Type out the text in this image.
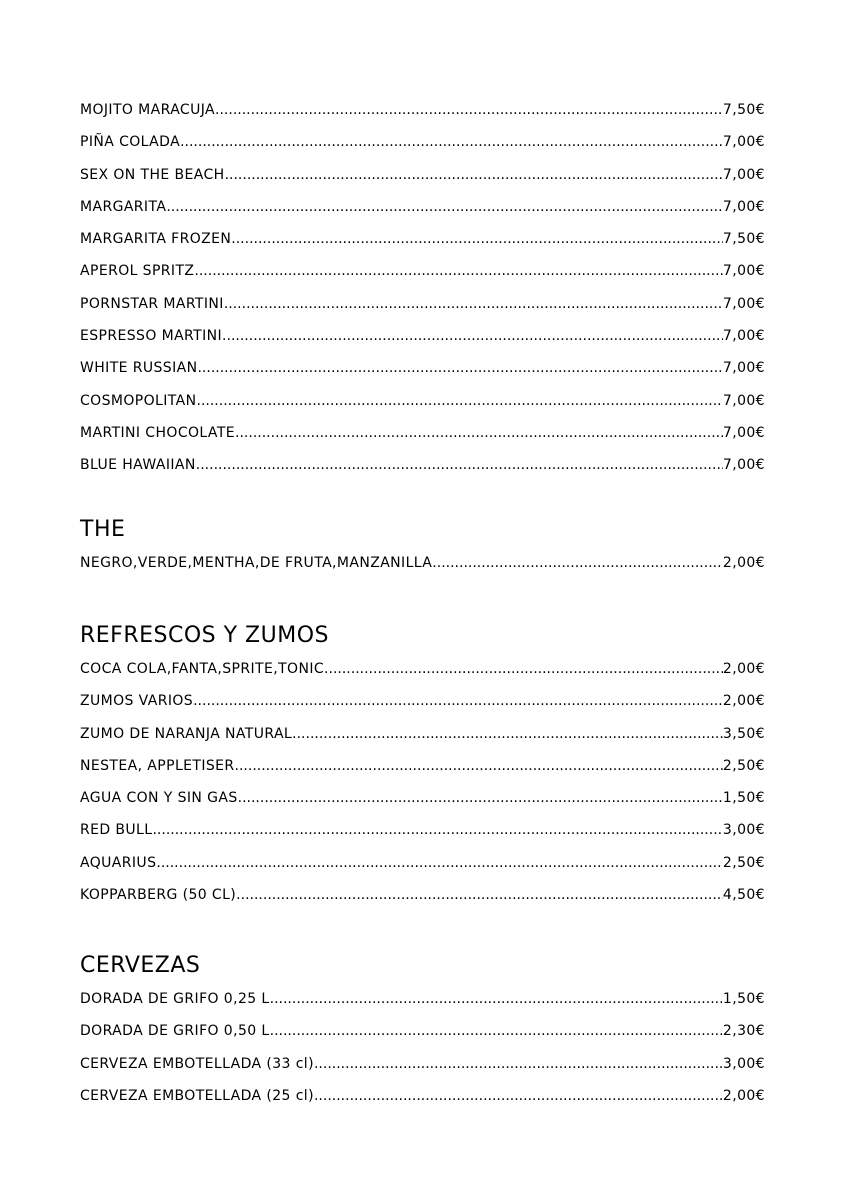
MOJITO MARACUJA .....	7,50€
PIÑA COLADA .....	7,00€
SEX ON THE BEACH .....	7,00€
MARGARITA .....	7,00€
MARGARITA FROZEN .....	7,50€
APEROL SPRITZ .....	7,00€
PORNSTAR MARTINI .....	7,00€
ESPRESSO MARTINI .....	7,00€
WHITE RUSSIAN .....	7,00€
COSMOPOLITAN .....	7,00€
MARTINI CHOCOLATE .....	7,00€
BLUE HAWAIIAN .....	7,00€
THE
NEGRO,VERDE,MENTHA,DE FRUTA,MANZANILLA .....	2,00€
REFRESCOS Y ZUMOS
COCA COLA,FANTA,SPRITE,TONIC .....	2,00€
ZUMOS VARIOS .....	2,00€
ZUMO DE NARANJA NATURAL .....	3,50€
NESTEA, APPLETISER .....	2,50€
AGUA CON Y SIN GAS .....	1,50€
RED BULL .....	3,00€
AQUARIUS .....	2,50€
KOPPARBERG (50 CL) .....	4,50€
CERVEZAS
DORADA DE GRIFO 0,25 L .....	1,50€
DORADA DE GRIFO 0,50 L .....	2,30€
CERVEZA EMBOTELLADA (33 cl) .....	3,00€
CERVEZA EMBOTELLADA (25 cl) .....	2,00€
